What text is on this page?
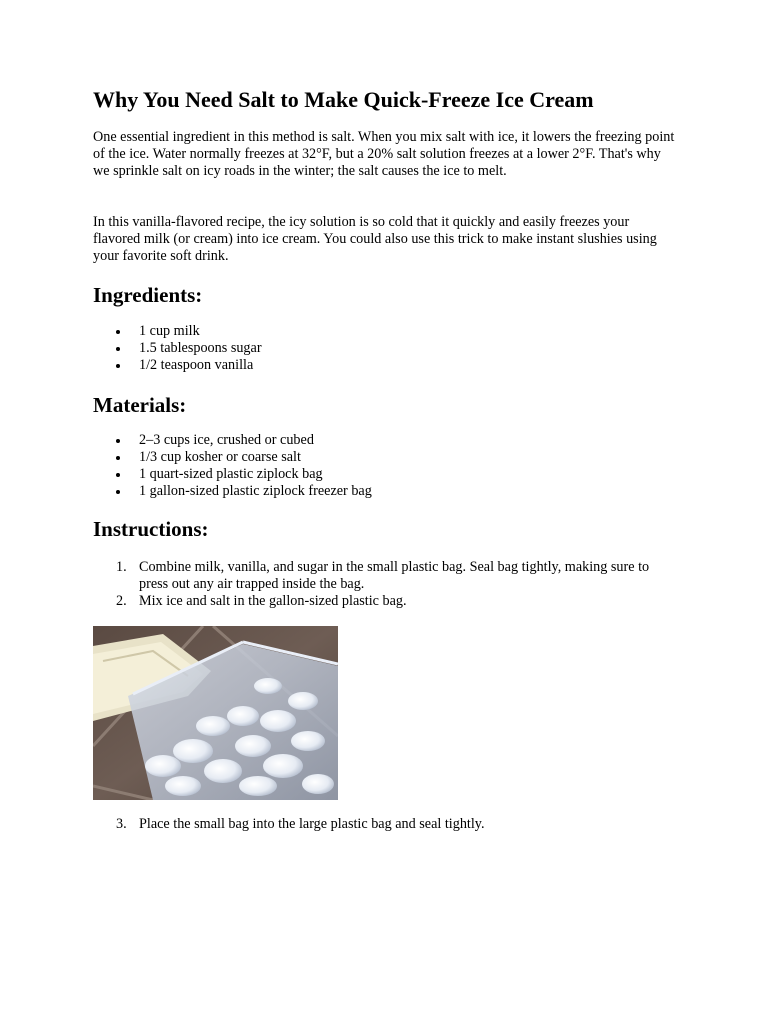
Why You Need Salt to Make Quick-Freeze Ice Cream

One essential ingredient in this method is salt. When you mix salt with ice, it lowers the freezing point of the ice. Water normally freezes at 32°F, but a 20% salt solution freezes at a lower 2°F. That's why we sprinkle salt on icy roads in the winter; the salt causes the ice to melt.

In this vanilla-flavored recipe, the icy solution is so cold that it quickly and easily freezes your flavored milk (or cream) into ice cream. You could also use this trick to make instant slushies using your favorite soft drink.

Ingredients:
1 cup milk
1.5 tablespoons sugar
1/2 teaspoon vanilla
Materials:
2–3 cups ice, crushed or cubed
1/3 cup kosher or coarse salt
1 quart-sized plastic ziplock bag
1 gallon-sized plastic ziplock freezer bag
Instructions:
1. Combine milk, vanilla, and sugar in the small plastic bag. Seal bag tightly, making sure to press out any air trapped inside the bag.
2. Mix ice and salt in the gallon-sized plastic bag.
3. Place the small bag into the large plastic bag and seal tightly.
